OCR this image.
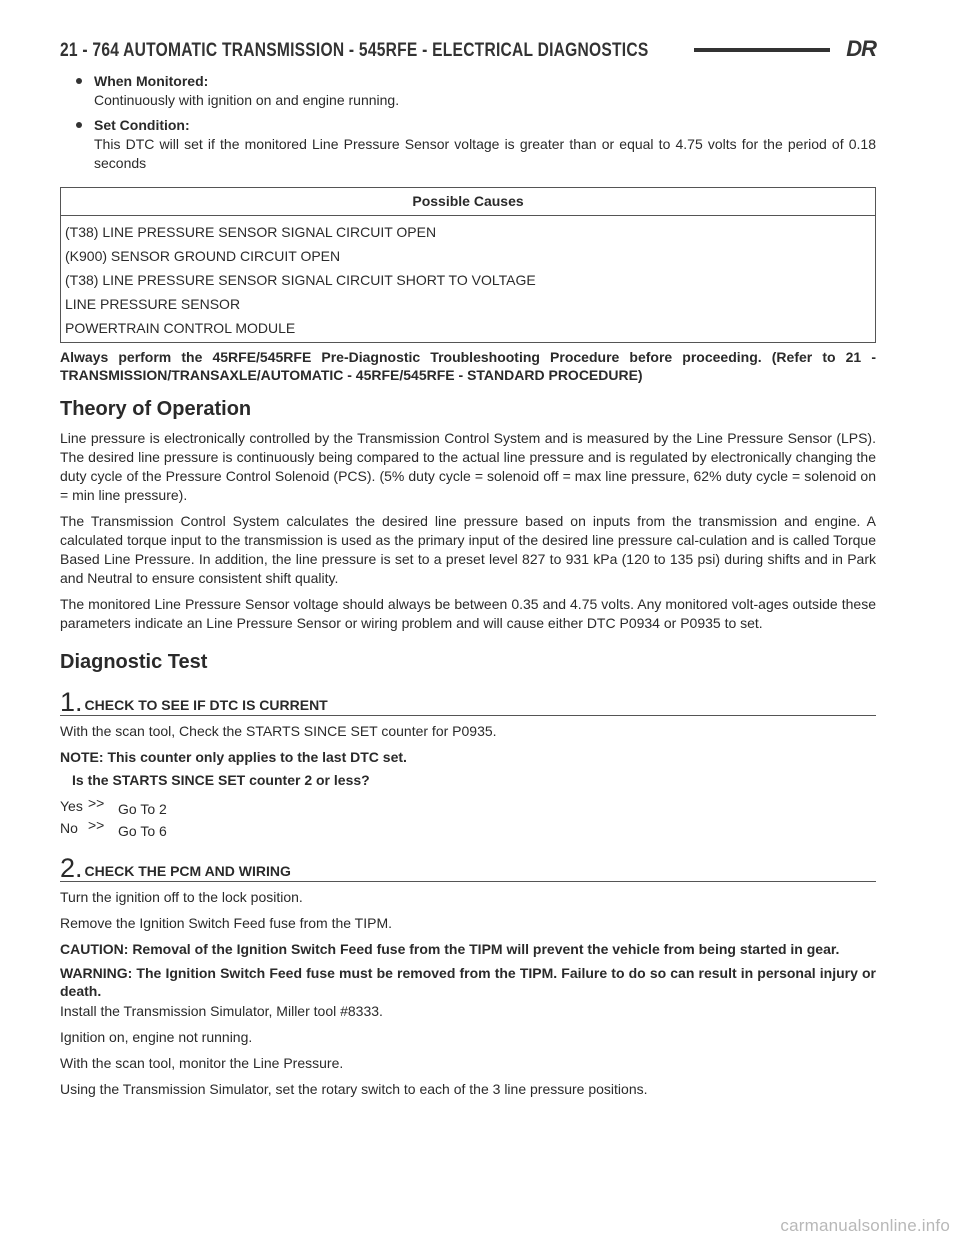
21 - 764 AUTOMATIC TRANSMISSION - 545RFE - ELECTRICAL DIAGNOSTICS	DR
When Monitored:
Continuously with ignition on and engine running.
Set Condition:
This DTC will set if the monitored Line Pressure Sensor voltage is greater than or equal to 4.75 volts for the period of 0.18 seconds
Possible Causes
(T38) LINE PRESSURE SENSOR SIGNAL CIRCUIT OPEN
(K900) SENSOR GROUND CIRCUIT OPEN
(T38) LINE PRESSURE SENSOR SIGNAL CIRCUIT SHORT TO VOLTAGE
LINE PRESSURE SENSOR
POWERTRAIN CONTROL MODULE
Always perform the 45RFE/545RFE Pre-Diagnostic Troubleshooting Procedure before proceeding. (Refer to 21 - TRANSMISSION/TRANSAXLE/AUTOMATIC - 45RFE/545RFE - STANDARD PROCEDURE)
Theory of Operation

Line pressure is electronically controlled by the Transmission Control System and is measured by the Line Pressure Sensor (LPS). The desired line pressure is continuously being compared to the actual line pressure and is regulated by electronically changing the duty cycle of the Pressure Control Solenoid (PCS). (5% duty cycle = solenoid off = max line pressure, 62% duty cycle = solenoid on = min line pressure).

The Transmission Control System calculates the desired line pressure based on inputs from the transmission and engine. A calculated torque input to the transmission is used as the primary input of the desired line pressure cal-culation and is called Torque Based Line Pressure. In addition, the line pressure is set to a preset level 827 to 931 kPa (120 to 135 psi) during shifts and in Park and Neutral to ensure consistent shift quality.

The monitored Line Pressure Sensor voltage should always be between 0.35 and 4.75 volts. Any monitored volt-ages outside these parameters indicate an Line Pressure Sensor or wiring problem and will cause either DTC P0934 or P0935 to set.

Diagnostic Test
1. CHECK TO SEE IF DTC IS CURRENT

With the scan tool, Check the STARTS SINCE SET counter for P0935.

NOTE: This counter only applies to the last DTC set.
Is the STARTS SINCE SET counter 2 or less?
Yes >> Go To 2
No >> Go To 6
2. CHECK THE PCM AND WIRING

Turn the ignition off to the lock position.

Remove the Ignition Switch Feed fuse from the TIPM.

CAUTION: Removal of the Ignition Switch Feed fuse from the TIPM will prevent the vehicle from being started in gear.
WARNING: The Ignition Switch Feed fuse must be removed from the TIPM. Failure to do so can result in personal injury or death.

Install the Transmission Simulator, Miller tool #8333.

Ignition on, engine not running.

With the scan tool, monitor the Line Pressure.

Using the Transmission Simulator, set the rotary switch to each of the 3 line pressure positions.

carmanualsonline.info
